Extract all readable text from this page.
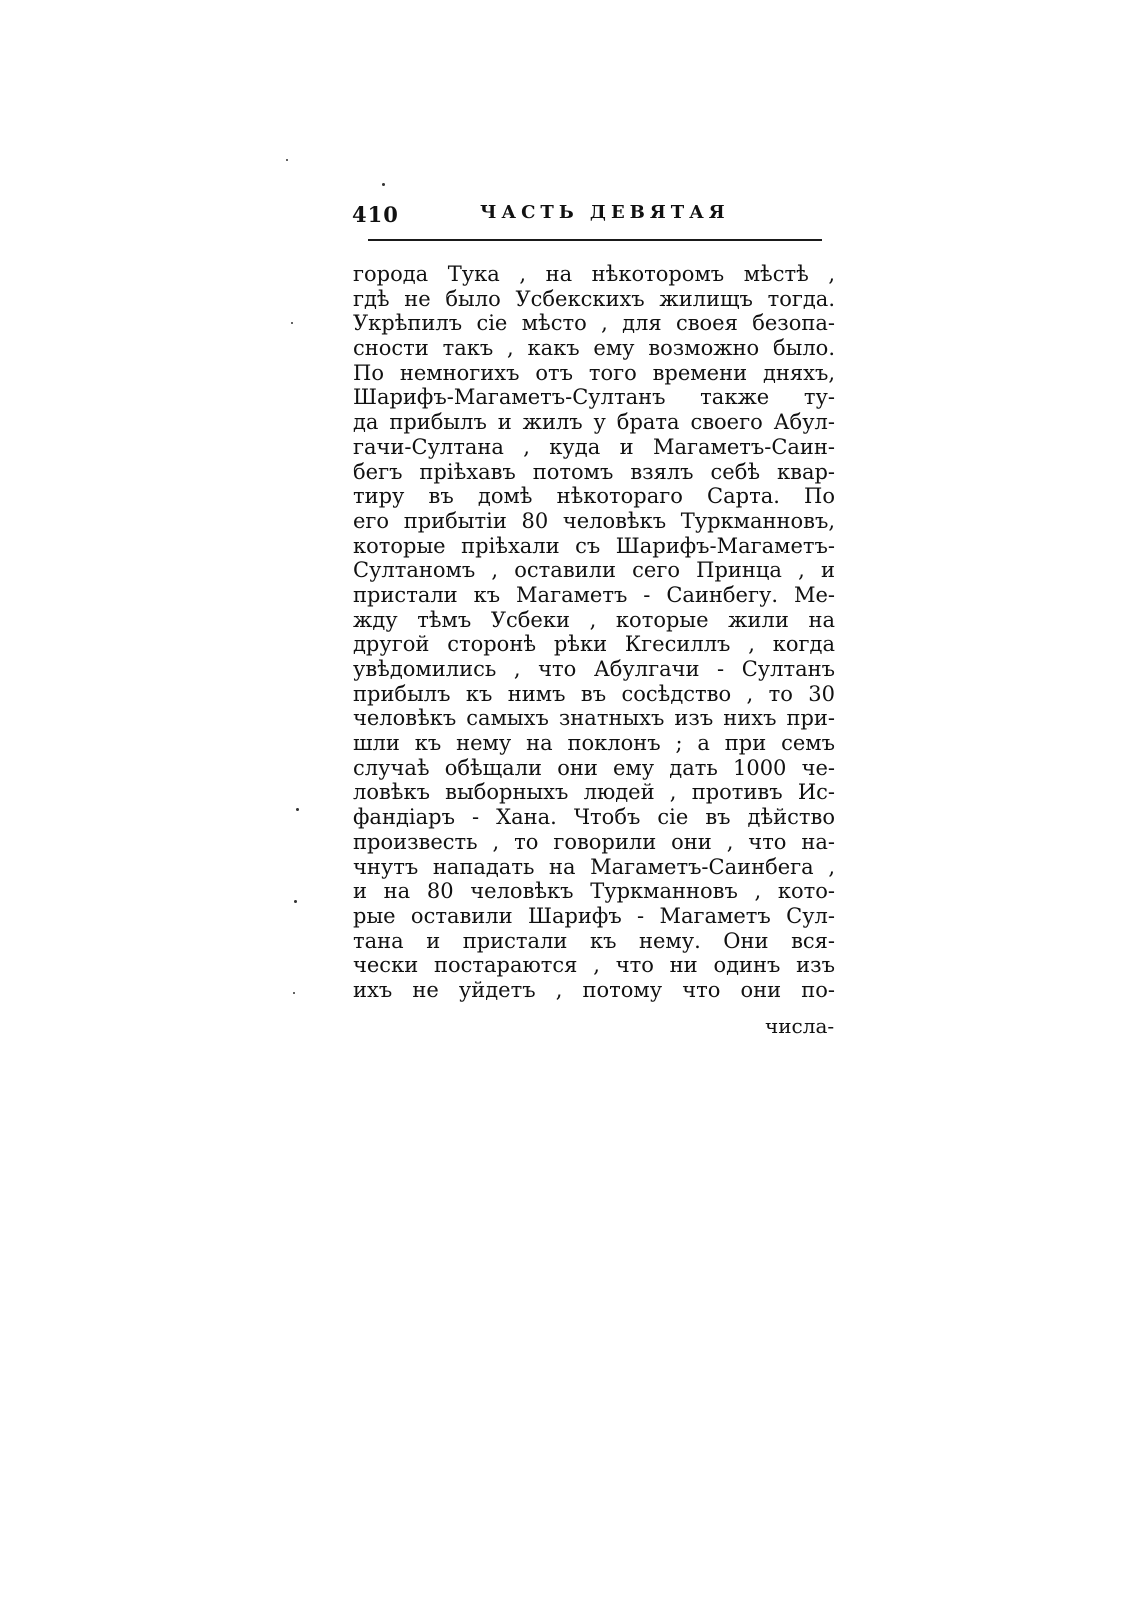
410	ЧАСТЬ ДЕВЯТАЯ
города Тука , на нѣкоторомъ мѣстѣ ,
гдѣ не было Усбекскихъ жилищъ тогда.
Укрѣпилъ сіе мѣсто , для своея безопа-
сности такъ , какъ ему возможно было.
По немногихъ отъ того времени дняхъ,
Шарифъ-Магаметъ-Султанъ также ту-
да прибылъ и жилъ у брата своего Абул-
гачи-Султана , куда и Магаметъ-Саин-
бегъ пріѣхавъ потомъ взялъ себѣ квар-
тиру въ домѣ нѣкотораго Сарта. По
его прибытіи 80 человѣкъ Туркманновъ,
которые пріѣхали съ Шарифъ-Магаметъ-
Султаномъ , оставили сего Принца , и
пристали къ Магаметъ - Саинбегу. Ме-
жду тѣмъ Усбеки , которые жили на
другой сторонѣ рѣки Кгесиллъ , когда
увѣдомились , что Абулгачи - Султанъ
прибылъ къ нимъ въ сосѣдство , то 30
человѣкъ самыхъ знатныхъ изъ нихъ при-
шли къ нему на поклонъ ; а при семъ
случаѣ обѣщали они ему дать 1000 че-
ловѣкъ выборныхъ людей , противъ Ис-
фандіаръ - Хана. Чтобъ сіе въ дѣйство
произвесть , то говорили они , что на-
чнутъ нападать на Магаметъ-Саинбега ,
и на 80 человѣкъ Туркманновъ , кото-
рые оставили Шарифъ - Магаметъ Сул-
тана и пристали къ нему. Они вся-
чески постараются , что ни одинъ изъ
ихъ не уйдетъ , потому что они по-
числа-
